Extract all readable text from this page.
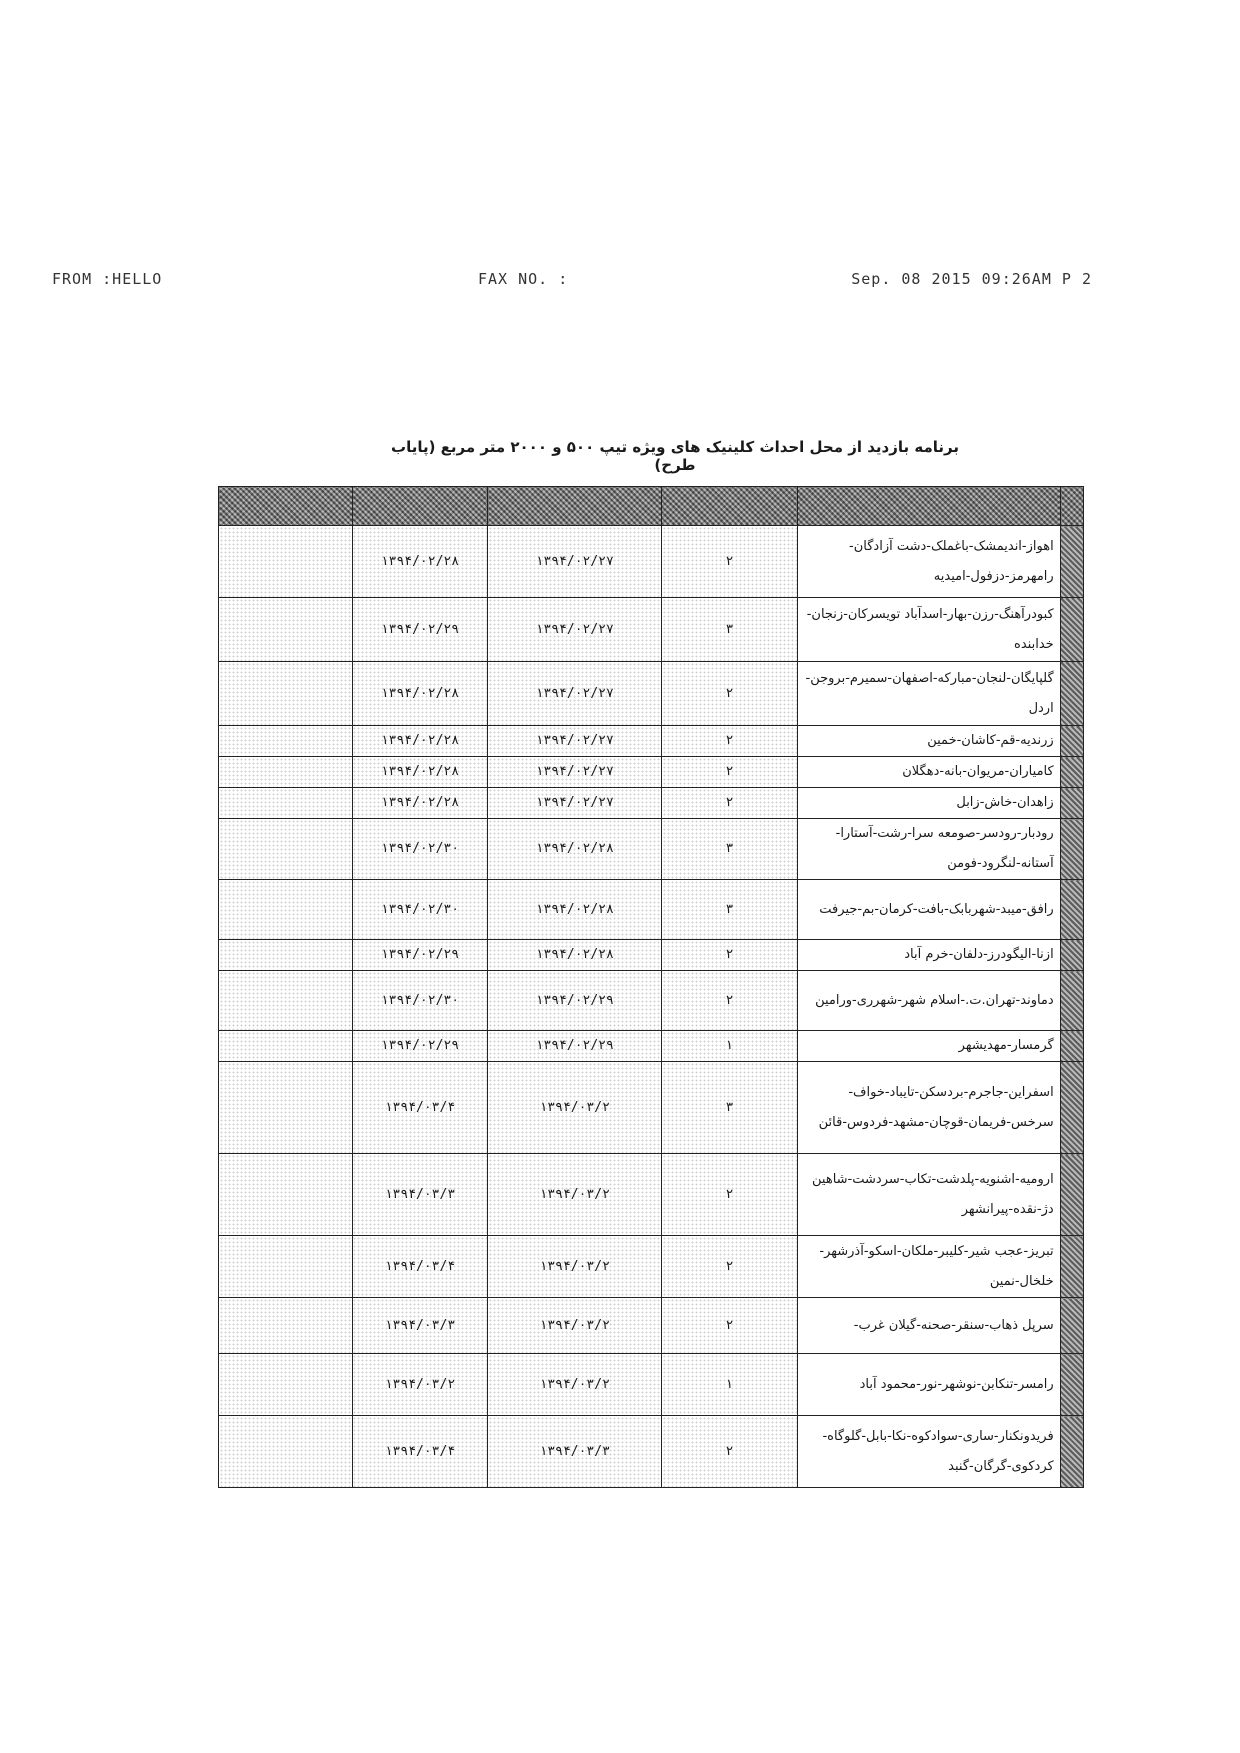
FROM :HELLO	FAX NO. :	Sep. 08 2015 09:26AM P 2
برنامه بازدید از محل احداث کلینیک های ویژه تیپ ۵۰۰ و ۲۰۰۰ متر مربع (پایاب طرح)

	اهواز-اندیمشک-باغملک-دشت آزادگان-رامهرمز-دزفول-امیدیه	۲	۱۳۹۴/۰۲/۲۷	۱۳۹۴/۰۲/۲۸	
	کبودرآهنگ-رزن-بهار-اسدآباد تویسرکان-زنجان-خدابنده	۳	۱۳۹۴/۰۲/۲۷	۱۳۹۴/۰۲/۲۹	
	گلپایگان-لنجان-مبارکه-اصفهان-سمیرم-بروجن-اردل	۲	۱۳۹۴/۰۲/۲۷	۱۳۹۴/۰۲/۲۸	
	زرندیه-قم-کاشان-خمین	۲	۱۳۹۴/۰۲/۲۷	۱۳۹۴/۰۲/۲۸	
	کامیاران-مریوان-بانه-دهگلان	۲	۱۳۹۴/۰۲/۲۷	۱۳۹۴/۰۲/۲۸	
	زاهدان-خاش-زابل	۲	۱۳۹۴/۰۲/۲۷	۱۳۹۴/۰۲/۲۸	
	رودبار-رودسر-صومعه سرا-رشت-آستارا-آستانه-لنگرود-فومن	۳	۱۳۹۴/۰۲/۲۸	۱۳۹۴/۰۲/۳۰	
	رافق-میبد-شهربابک-بافت-کرمان-بم-جیرفت	۳	۱۳۹۴/۰۲/۲۸	۱۳۹۴/۰۲/۳۰	
	ازنا-الیگودرز-دلفان-خرم آباد	۲	۱۳۹۴/۰۲/۲۸	۱۳۹۴/۰۲/۲۹	
	دماوند-تهران.ت.-اسلام شهر-شهرری-ورامین	۲	۱۳۹۴/۰۲/۲۹	۱۳۹۴/۰۲/۳۰	
	گرمسار-مهدیشهر	۱	۱۳۹۴/۰۲/۲۹	۱۳۹۴/۰۲/۲۹	
	اسفراین-جاجرم-بردسکن-تایباد-خواف-سرخس-فریمان-قوچان-مشهد-فردوس-قائن	۳	۱۳۹۴/۰۳/۲	۱۳۹۴/۰۳/۴	
	ارومیه-اشنویه-پلدشت-تکاب-سردشت-شاهین دژ-نقده-پیرانشهر	۲	۱۳۹۴/۰۳/۲	۱۳۹۴/۰۳/۳	
	تبریز-عجب شیر-کلیبر-ملکان-اسکو-آذرشهر-خلخال-نمین	۲	۱۳۹۴/۰۳/۲	۱۳۹۴/۰۳/۴	
	سرپل ذهاب-سنقر-صحنه-گیلان غرب-	۲	۱۳۹۴/۰۳/۲	۱۳۹۴/۰۳/۳	
	رامسر-تنکابن-نوشهر-نور-محمود آباد	۱	۱۳۹۴/۰۳/۲	۱۳۹۴/۰۳/۲	
	فریدونکنار-ساری-سوادکوه-نکا-بابل-گلوگاه-کردکوی-گرگان-گنبد	۲	۱۳۹۴/۰۳/۳	۱۳۹۴/۰۳/۴	
